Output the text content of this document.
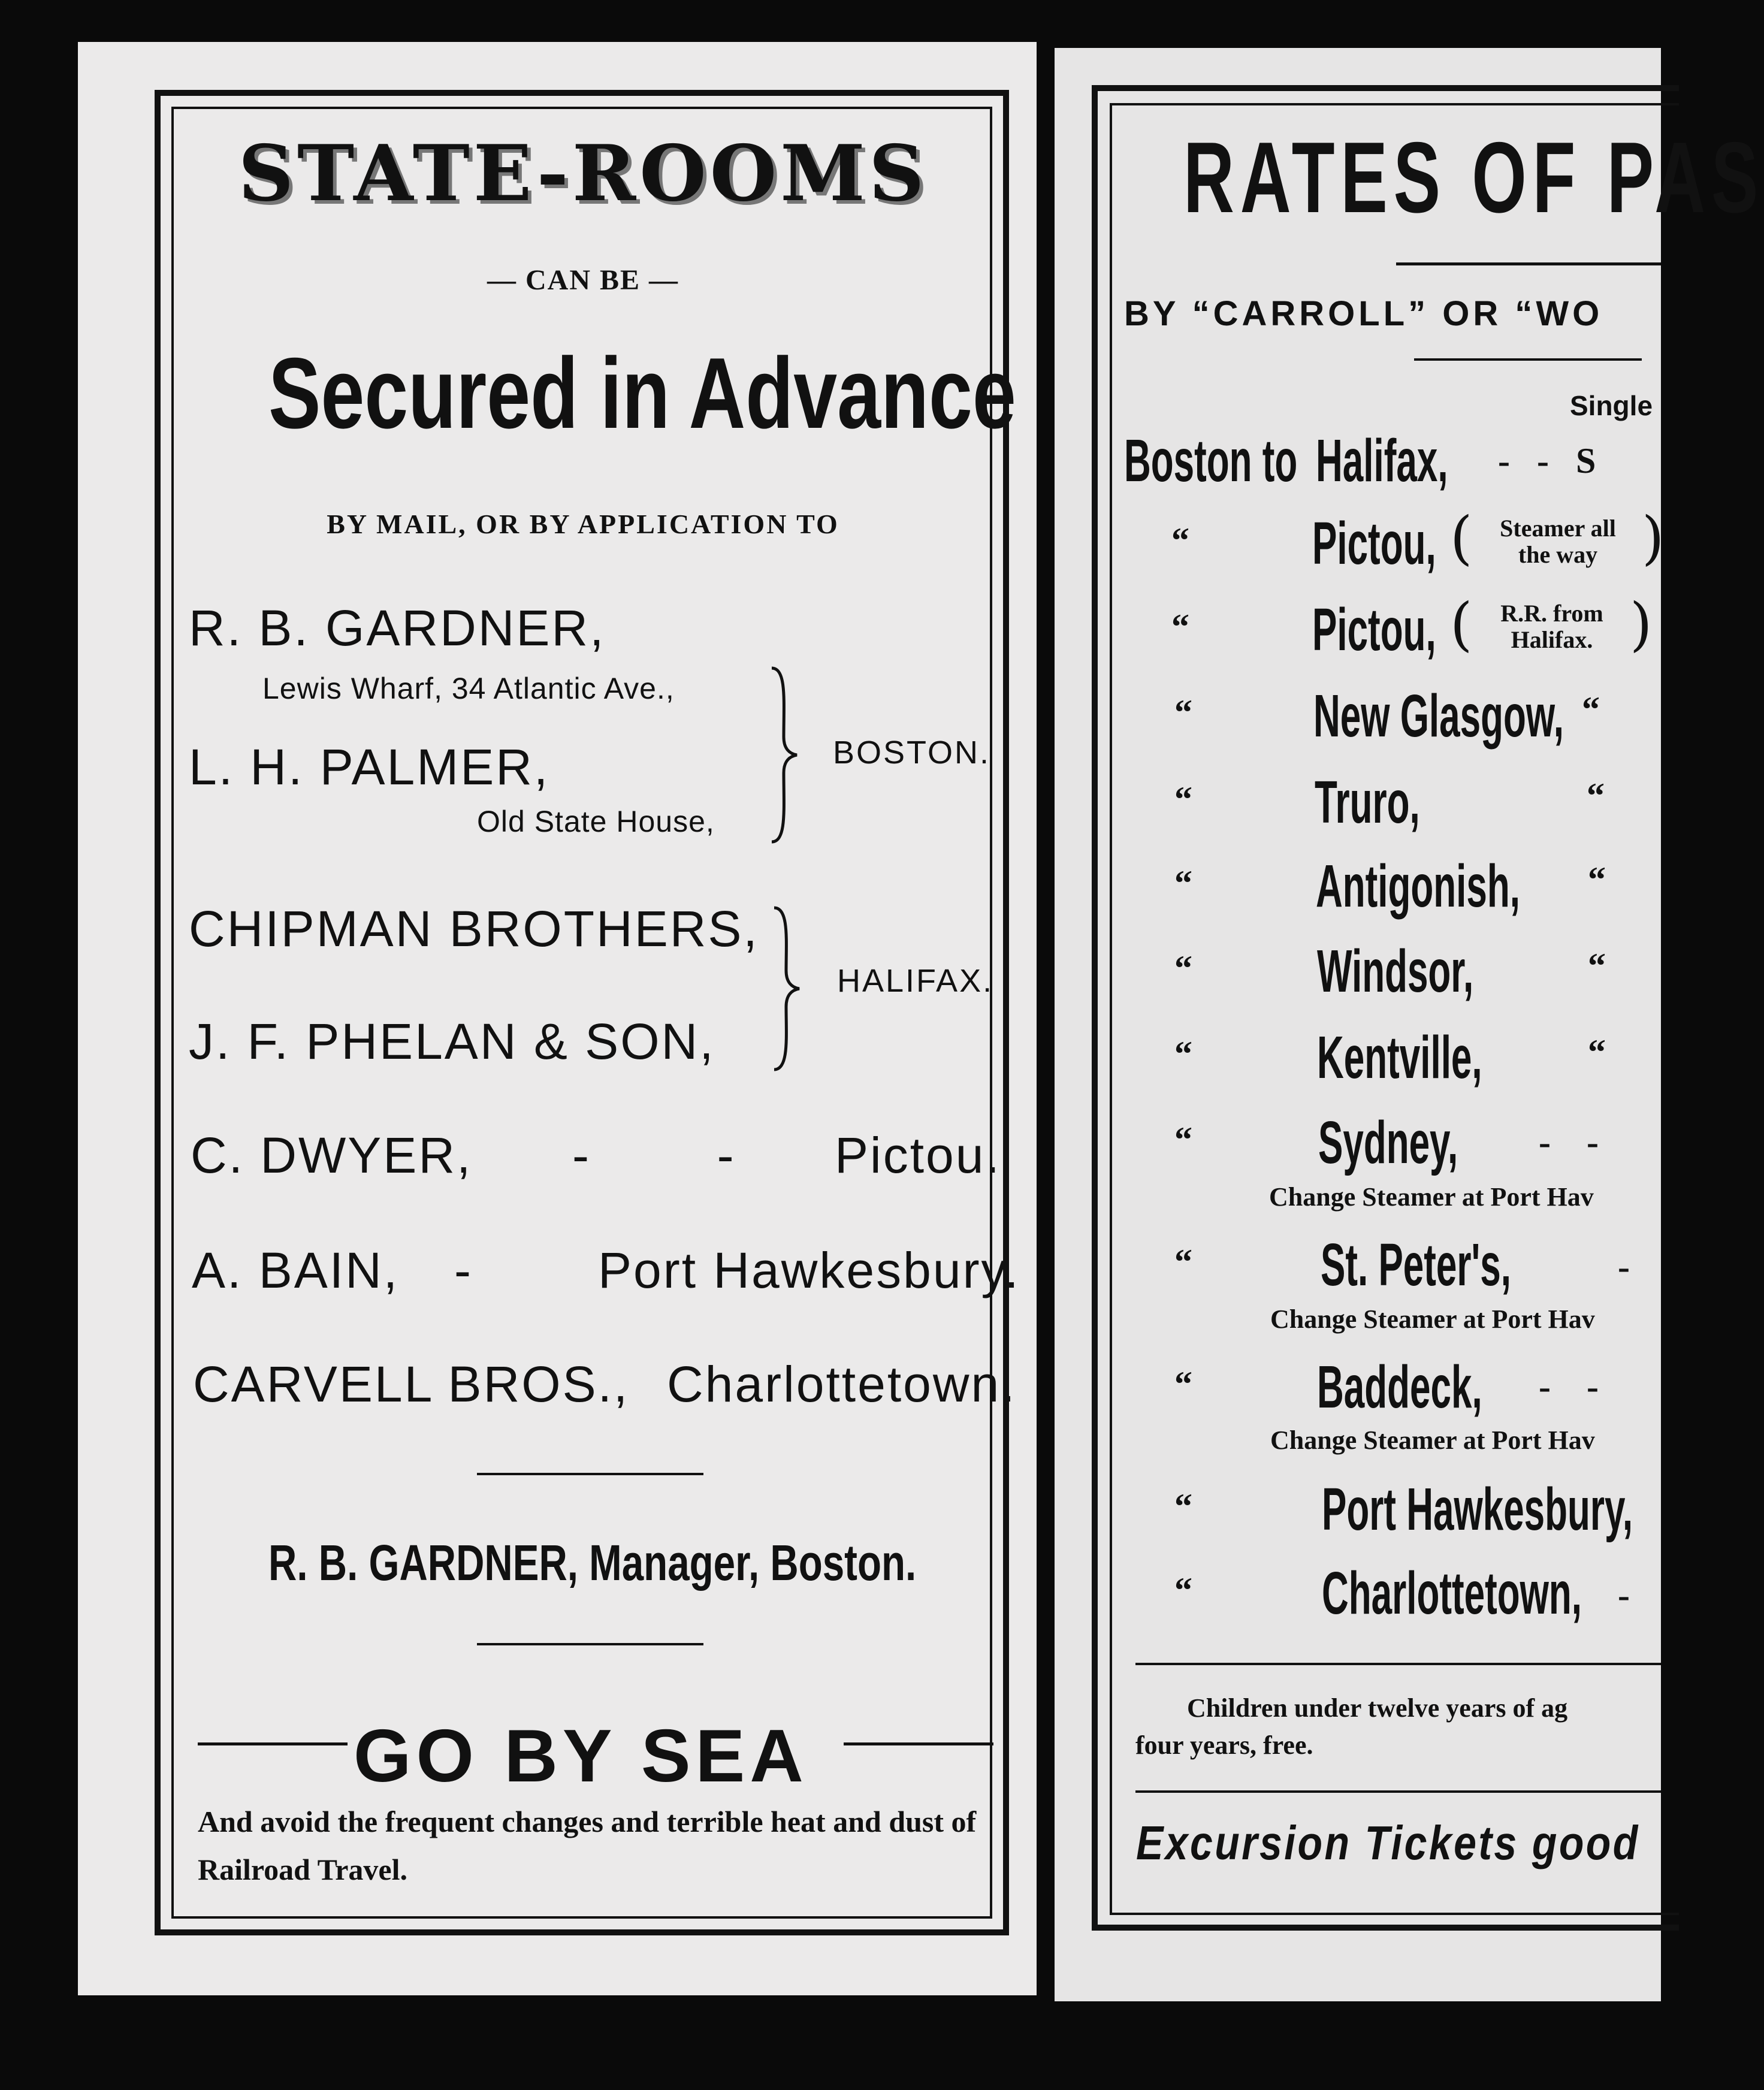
STATE-ROOMS
— CAN BE —
Secured in Advance
BY MAIL, OR BY APPLICATION TO
R. B. GARDNER,
Lewis Wharf, 34 Atlantic Ave.,
L. H. PALMER,
Old State House,
BOSTON.
CHIPMAN BROTHERS,
J. F. PHELAN & SON,
HALIFAX.
C. DWYER, -        - Pictou.
A. BAIN, - Port Hawkesbury.
CARVELL BROS., Charlottetown.
R. B. GARDNER, Manager, Boston.
GO BY SEA
And avoid the frequent changes and terrible heat and dust of Railroad Travel.
RATES OF PAS
BY “CARROLL” OR “WO
Single
Boston to Halifax, -   -   S
“ Pictou, (	Steamer all
the way )
“ Pictou, (	R.R. from
Halifax. )
“ New Glasgow, “
“ Truro,	“
“ Antigonish, “
“ Windsor,	“
“ Kentville,	“
“ Sydney, -    -
Change Steamer at Port Hav
“ St. Peter's,	-
Change Steamer at Port Hav
“ Baddeck, -    -
Change Steamer at Port Hav
“ Port Hawkesbury,
“ Charlottetown, -
Children under twelve years of ag
four years, free.
Excursion Tickets good
